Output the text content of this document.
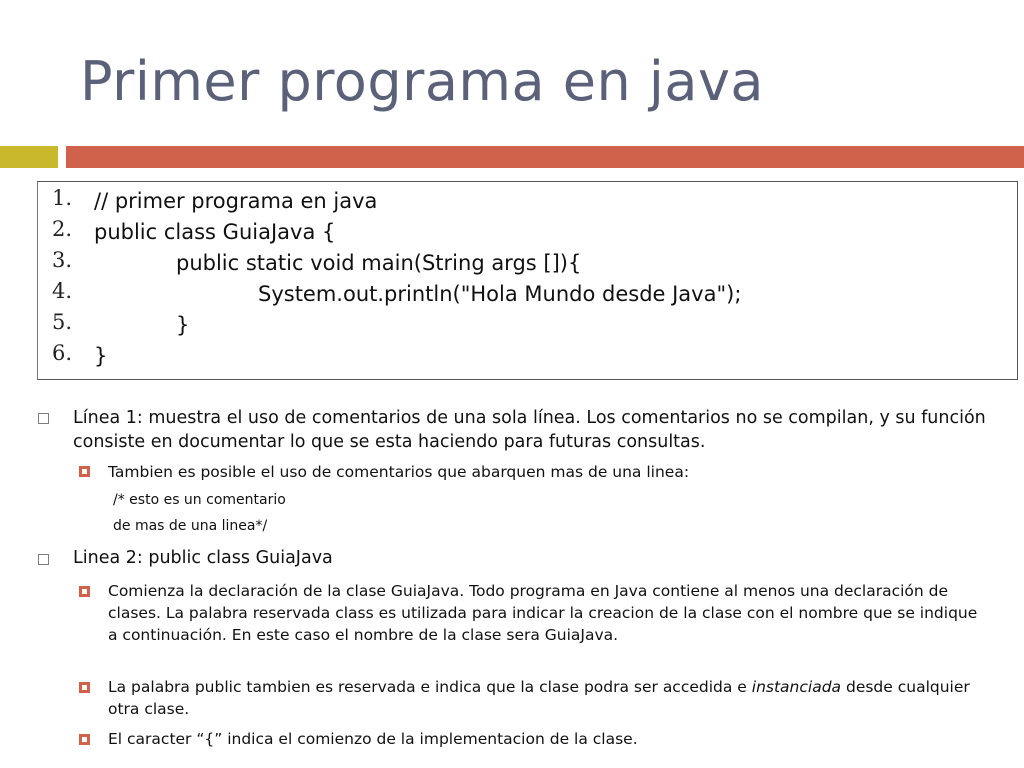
Primer programa en java
1.	// primer programa en java
2.	public class GuiaJava {
3.	public static void main(String args []){
4.	System.out.println("Hola Mundo desde Java");
5.	}
6.	}
Línea 1: muestra el uso de comentarios de una sola línea. Los comentarios no se compilan, y su función consiste en documentar lo que se esta haciendo para futuras consultas.
Tambien es posible el uso de comentarios que abarquen mas de una linea:
/* esto es un comentario
de mas de una linea*/
Linea 2: public class GuiaJava
Comienza la declaración de la clase GuiaJava. Todo programa en Java contiene al menos una declaración de clases. La palabra reservada class es utilizada para indicar la creacion de la clase con el nombre que se indique a continuación. En este caso el nombre de la clase sera GuiaJava.
La palabra public tambien es reservada e indica que la clase podra ser accedida e instanciada desde cualquier otra clase.
El caracter “{” indica el comienzo de la implementacion de la clase.
